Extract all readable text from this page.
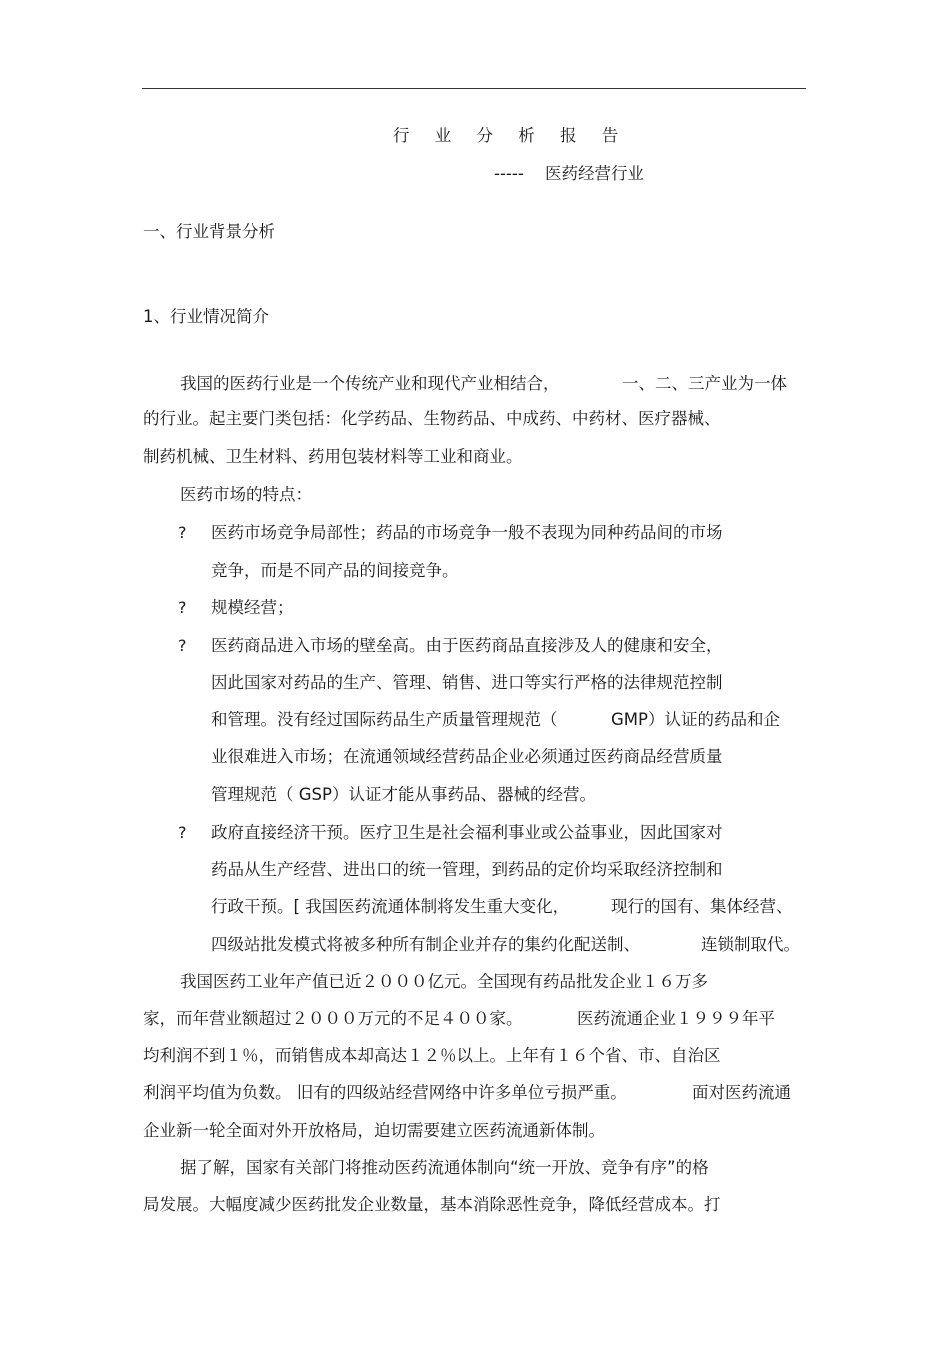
行 业 分 析 报 告
----- 医药经营行业
一、行业背景分析
1、行业情况简介
我国的医药行业是一个传统产业和现代产业相结合，	一、二、三产业为一体
的行业。起主要门类包括：化学药品、生物药品、中成药、中药材、医疗器械、
制药机械、卫生材料、药用包装材料等工业和商业。
医药市场的特点：
? 医药市场竞争局部性；药品的市场竞争一般不表现为同种药品间的市场
竞争，而是不同产品的间接竞争。
? 规模经营；
? 医药商品进入市场的壁垒高。由于医药商品直接涉及人的健康和安全，
因此国家对药品的生产、管理、销售、进口等实行严格的法律规范控制
和管理。没有经过国际药品生产质量管理规范（	GMP）认证的药品和企
业很难进入市场；在流通领域经营药品企业必须通过医药商品经营质量
管理规范（ GSP）认证才能从事药品、器械的经营。
? 政府直接经济干预。医疗卫生是社会福利事业或公益事业，因此国家对
药品从生产经营、进出口的统一管理，到药品的定价均采取经济控制和
行政干预。[ 我国医药流通体制将发生重大变化，	现行的国有、集体经营、
四级站批发模式将被多种所有制企业并存的集约化配送制、	连锁制取代。
我国医药工业年产值已近２０００亿元。全国现有药品批发企业１６万多
家，而年营业额超过２０００万元的不足４００家。	医药流通企业１９９９年平
均利润不到１％，而销售成本却高达１２％以上。上年有１６个省、市、自治区
利润平均值为负数。 旧有的四级站经营网络中许多单位亏损严重。	面对医药流通
企业新一轮全面对外开放格局，迫切需要建立医药流通新体制。
据了解，国家有关部门将推动医药流通体制向“统一开放、竞争有序”的格
局发展。大幅度减少医药批发企业数量，基本消除恶性竞争，降低经营成本。打
